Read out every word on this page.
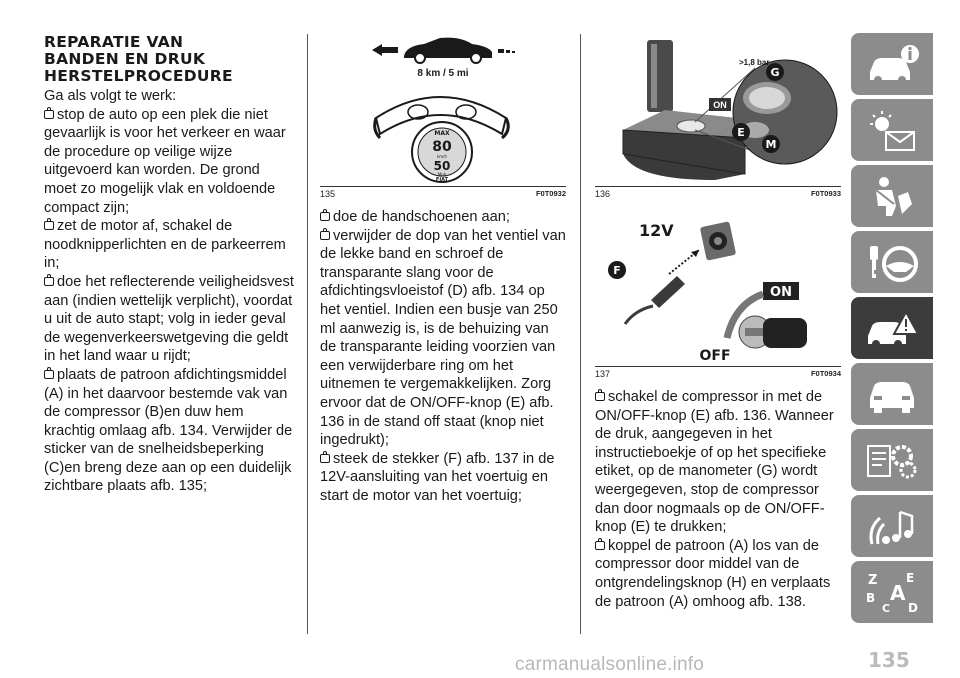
REPARATIE VAN
BANDEN EN DRUK
HERSTELPROCEDURE

Ga als volgt te werk:

stop de auto op een plek die niet gevaarlijk is voor het verkeer en waar de procedure op veilige wijze uitgevoerd kan worden. De grond moet zo mogelijk vlak en voldoende compact zijn;

zet de motor af, schakel de noodknipperlichten en de parkeerrem in;

doe het reflecterende veiligheidsvest aan (indien wettelijk verplicht), voordat u uit de auto stapt; volg in ieder geval de wegenverkeerswetgeving die geldt in het land waar u rijdt;

plaats de patroon afdichtingsmiddel (A) in het daarvoor bestemde vak van de compressor (B)en duw hem krachtig omlaag afb. 134. Verwijder de sticker van de snelheidsbeperking (C)en breng deze aan op een duidelijk zichtbare plaats afb. 135;

8 km / 5 mi
MAX
80
km/h
50
Mph
FIAT
135	F0T0932

doe de handschoenen aan;

verwijder de dop van het ventiel van de lekke band en schroef de transparante slang voor de afdichtingsvloeistof (D) afb. 134 op het ventiel. Indien een busje van 250 ml aanwezig is, is de behuizing van de transparante leiding voorzien van een verwijderbare ring om het uitnemen te vergemakkelijken. Zorg ervoor dat de ON/OFF-knop (E) afb. 136 in de stand off staat (knop niet ingedrukt);

steek de stekker (F) afb. 137 in de 12V-aansluiting van het voertuig en start de motor van het voertuig;

>1,8 bar
ON
G
E
M
136	F0T0933
12V
F
ON
OFF
137	F0T0934

schakel de compressor in met de ON/OFF-knop (E) afb. 136. Wanneer de druk, aangegeven in het instructieboekje of op het specifieke etiket, op de manometer (G) wordt weergegeven, stop de compressor dan door nogmaals op de ON/OFF-knop (E) te drukken;

koppel de patroon (A) los van de compressor door middel van de ontgrendelingsknop (H) en verplaats de patroon (A) omhoog afb. 138.

Z E
B A
C D
carmanualsonline.info	135
